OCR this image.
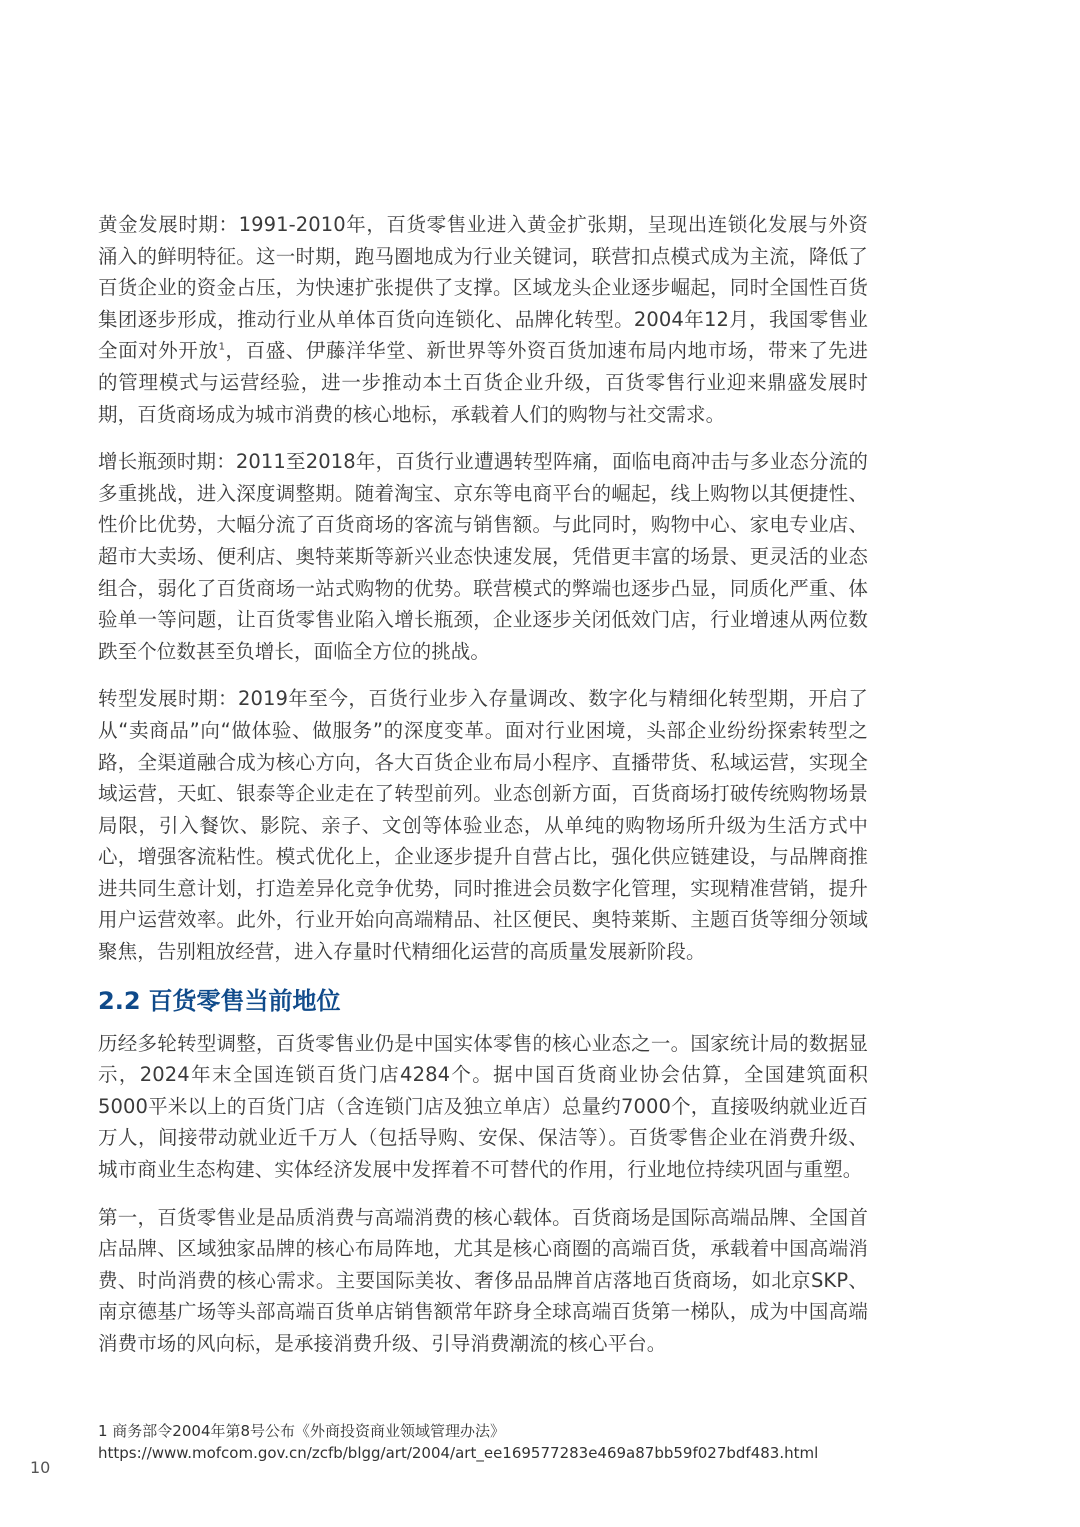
黄金发展时期：1991-2010年，百货零售业进入黄金扩张期，呈现出连锁化发展与外资涌入的鲜明特征。这一时期，跑马圈地成为行业关键词，联营扣点模式成为主流，降低了百货企业的资金占压，为快速扩张提供了支撑。区域龙头企业逐步崛起，同时全国性百货集团逐步形成，推动行业从单体百货向连锁化、品牌化转型。2004年12月，我国零售业全面对外开放$^1$，百盛、伊藤洋华堂、新世界等外资百货加速布局内地市场，带来了先进的管理模式与运营经验，进一步推动本土百货企业升级，百货零售行业迎来鼎盛发展时期，百货商场成为城市消费的核心地标，承载着人们的购物与社交需求。

增长瓶颈时期：2011至2018年，百货行业遭遇转型阵痛，面临电商冲击与多业态分流的多重挑战，进入深度调整期。随着淘宝、京东等电商平台的崛起，线上购物以其便捷性、性价比优势，大幅分流了百货商场的客流与销售额。与此同时，购物中心、家电专业店、超市大卖场、便利店、奥特莱斯等新兴业态快速发展，凭借更丰富的场景、更灵活的业态组合，弱化了百货商场一站式购物的优势。联营模式的弊端也逐步凸显，同质化严重、体验单一等问题，让百货零售业陷入增长瓶颈，企业逐步关闭低效门店，行业增速从两位数跌至个位数甚至负增长，面临全方位的挑战。

转型发展时期：2019年至今，百货行业步入存量调改、数字化与精细化转型期，开启了从“卖商品”向“做体验、做服务”的深度变革。面对行业困境，头部企业纷纷探索转型之路，全渠道融合成为核心方向，各大百货企业布局小程序、直播带货、私域运营，实现全域运营，天虹、银泰等企业走在了转型前列。业态创新方面，百货商场打破传统购物场景局限，引入餐饮、影院、亲子、文创等体验业态，从单纯的购物场所升级为生活方式中心，增强客流粘性。模式优化上，企业逐步提升自营占比，强化供应链建设，与品牌商推进共同生意计划，打造差异化竞争优势，同时推进会员数字化管理，实现精准营销，提升用户运营效率。此外，行业开始向高端精品、社区便民、奥特莱斯、主题百货等细分领域聚焦，告别粗放经营，进入存量时代精细化运营的高质量发展新阶段。

2.2 百货零售当前地位

历经多轮转型调整，百货零售业仍是中国实体零售的核心业态之一。国家统计局的数据显示，2024年末全国连锁百货门店4284个。据中国百货商业协会估算，全国建筑面积5000平米以上的百货门店（含连锁门店及独立单店）总量约7000个，直接吸纳就业近百万人，间接带动就业近千万人（包括导购、安保、保洁等）。百货零售企业在消费升级、城市商业生态构建、实体经济发展中发挥着不可替代的作用，行业地位持续巩固与重塑。

第一，百货零售业是品质消费与高端消费的核心载体。百货商场是国际高端品牌、全国首店品牌、区域独家品牌的核心布局阵地，尤其是核心商圈的高端百货，承载着中国高端消费、时尚消费的核心需求。主要国际美妆、奢侈品品牌首店落地百货商场，如北京SKP、南京德基广场等头部高端百货单店销售额常年跻身全球高端百货第一梯队，成为中国高端消费市场的风向标，是承接消费升级、引导消费潮流的核心平台。

1 商务部令2004年第8号公布《外商投资商业领域管理办法》
https://www.mofcom.gov.cn/zcfb/blgg/art/2004/art_ee169577283e469a87bb59f027bdf483.html
10
